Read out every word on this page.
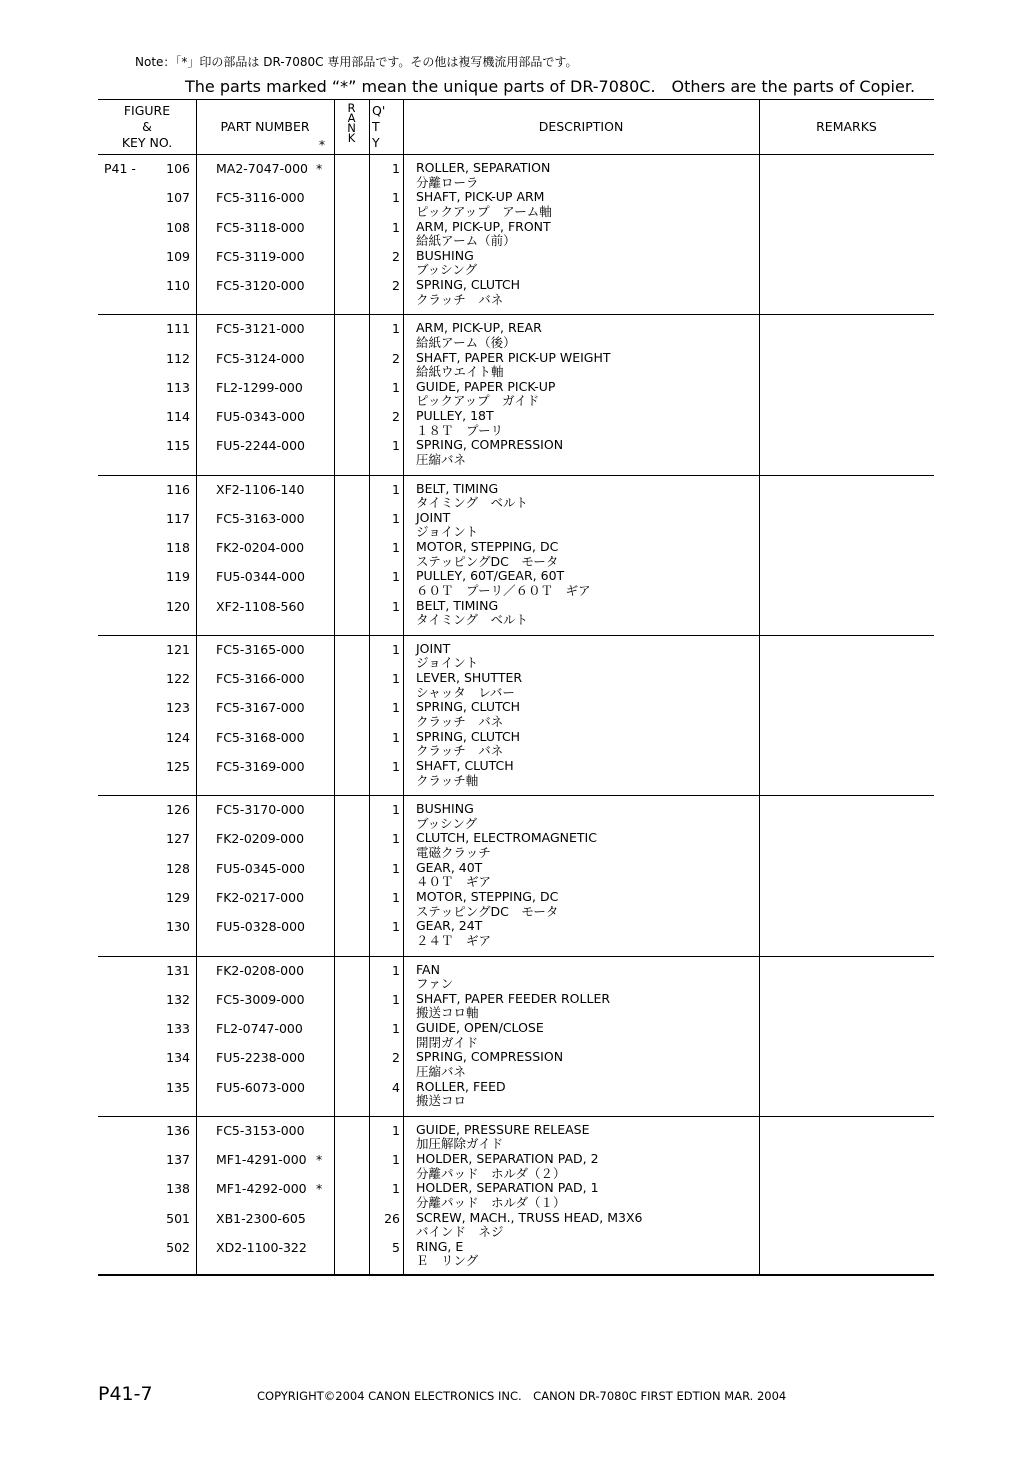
Note：「*」印の部品は DR-7080C 専用部品です。その他は複写機流用部品です。
The parts marked “*” mean the unique parts of DR-7080C.　Others are the parts of Copier.
FIGURE
&
KEY NO.
PART NUMBER
*
R
A
N
K
Q'
T
Y
DESCRIPTION	REMARKS
P41 -	106 MA2-7047-000 *	1 ROLLER, SEPARATION
分離ローラ
107 FC5-3116-000	1 SHAFT, PICK-UP ARM
ピックアップ　アーム軸
108 FC5-3118-000	1 ARM, PICK-UP, FRONT
給紙アーム（前）
109 FC5-3119-000	2 BUSHING
ブッシング
110 FC5-3120-000	2 SPRING, CLUTCH
クラッチ　バネ
111 FC5-3121-000	1 ARM, PICK-UP, REAR
給紙アーム（後）
112 FC5-3124-000	2 SHAFT, PAPER PICK-UP WEIGHT
給紙ウエイト軸
113 FL2-1299-000	1 GUIDE, PAPER PICK-UP
ピックアップ　ガイド
114 FU5-0343-000	2 PULLEY, 18T
１８Ｔ　プーリ
115 FU5-2244-000	1 SPRING, COMPRESSION
圧縮バネ
116 XF2-1106-140	1 BELT, TIMING
タイミング　ベルト
117 FC5-3163-000	1 JOINT
ジョイント
118 FK2-0204-000	1 MOTOR, STEPPING, DC
ステッピングDC　モータ
119 FU5-0344-000	1 PULLEY, 60T/GEAR, 60T
６０Ｔ　プーリ／６０Ｔ　ギア
120 XF2-1108-560	1 BELT, TIMING
タイミング　ベルト
121 FC5-3165-000	1 JOINT
ジョイント
122 FC5-3166-000	1 LEVER, SHUTTER
シャッタ　レバー
123 FC5-3167-000	1 SPRING, CLUTCH
クラッチ　バネ
124 FC5-3168-000	1 SPRING, CLUTCH
クラッチ　バネ
125 FC5-3169-000	1 SHAFT, CLUTCH
クラッチ軸
126 FC5-3170-000	1 BUSHING
ブッシング
127 FK2-0209-000	1 CLUTCH, ELECTROMAGNETIC
電磁クラッチ
128 FU5-0345-000	1 GEAR, 40T
４０Ｔ　ギア
129 FK2-0217-000	1 MOTOR, STEPPING, DC
ステッピングDC　モータ
130 FU5-0328-000	1 GEAR, 24T
２４Ｔ　ギア
131 FK2-0208-000	1 FAN
ファン
132 FC5-3009-000	1 SHAFT, PAPER FEEDER ROLLER
搬送コロ軸
133 FL2-0747-000	1 GUIDE, OPEN/CLOSE
開閉ガイド
134 FU5-2238-000	2 SPRING, COMPRESSION
圧縮バネ
135 FU5-6073-000	4 ROLLER, FEED
搬送コロ
136 FC5-3153-000	1 GUIDE, PRESSURE RELEASE
加圧解除ガイド
137 MF1-4291-000 *	1 HOLDER, SEPARATION PAD, 2
分離パッド　ホルダ（２）
138 MF1-4292-000 *	1 HOLDER, SEPARATION PAD, 1
分離パッド　ホルダ（１）
501 XB1-2300-605	26 SCREW, MACH., TRUSS HEAD, M3X6
バインド　ネジ
502 XD2-1100-322	5 RING, E
Ｅ　リング
P41-7	COPYRIGHT©2004 CANON ELECTRONICS INC.　CANON DR-7080C FIRST EDTION MAR. 2004
